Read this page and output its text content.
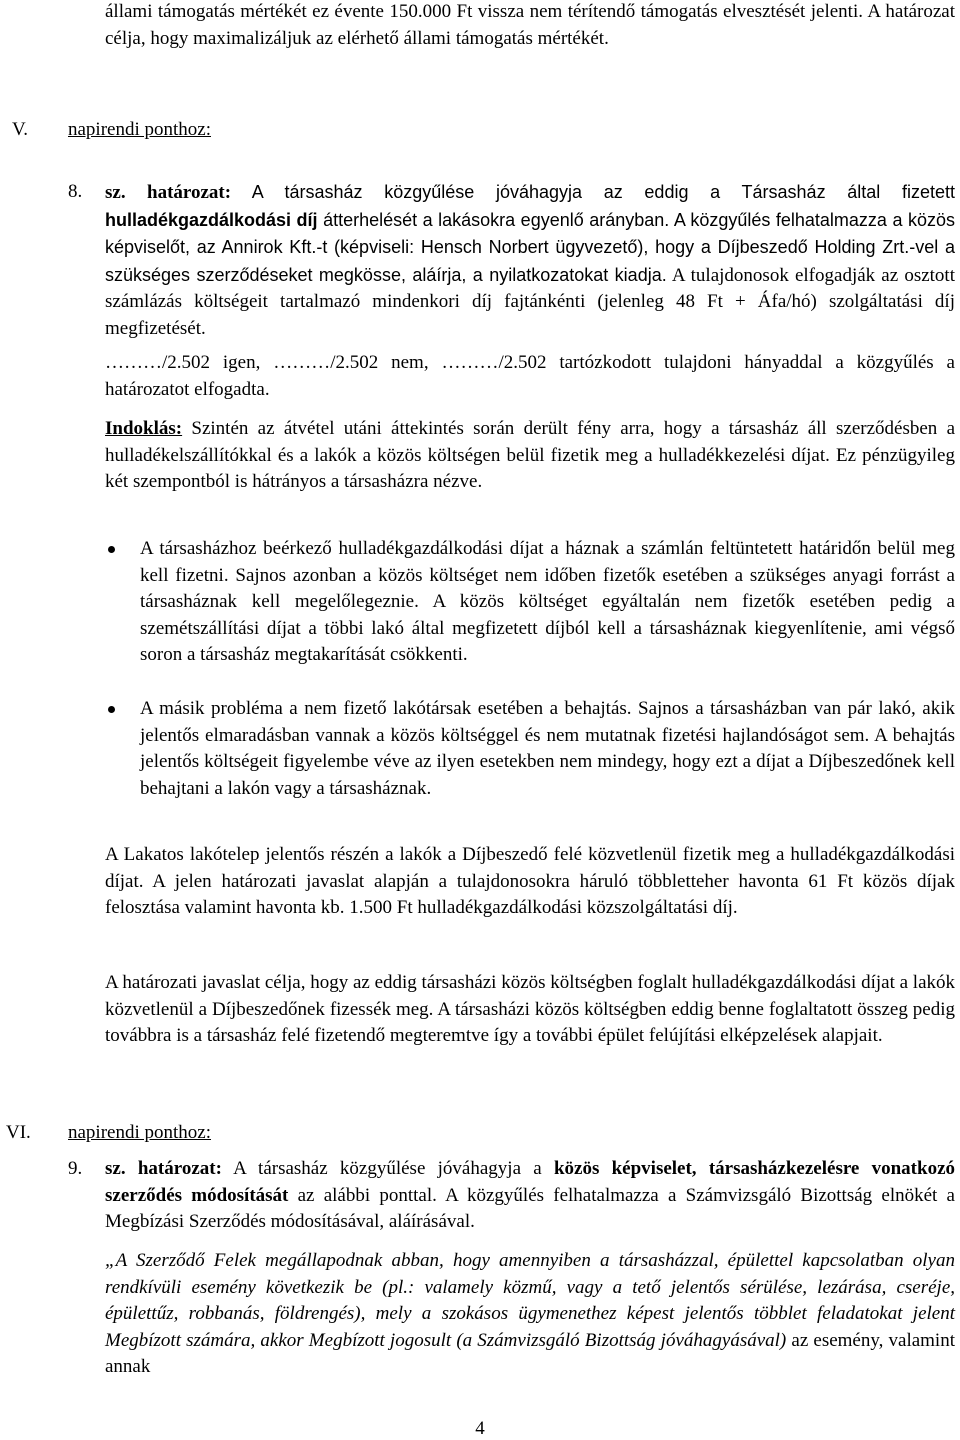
állami támogatás mértékét ez évente 150.000 Ft vissza nem térítendő támogatás elvesztését jelenti. A határozat célja, hogy maximalizáljuk az elérhető állami támogatás mértékét.
V. napirendi ponthoz:
8. sz. határozat: A társasház közgyűlése jóváhagyja az eddig a Társasház által fizetett hulladékgazdálkodási díj átterhelését a lakásokra egyenlő arányban. A közgyűlés felhatalmazza a közös képviselőt, az Annirok Kft.-t (képviseli: Hensch Norbert ügyvezető), hogy a Díjbeszedő Holding Zrt.-vel a szükséges szerződéseket megkösse, aláírja, a nyilatkozatokat kiadja. A tulajdonosok elfogadják az osztott számlázás költségeit tartalmazó mindenkori díj fajtánkénti (jelenleg 48 Ft + Áfa/hó) szolgáltatási díj megfizetését.

………/2.502 igen, ………/2.502 nem, ………/2.502 tartózkodott tulajdoni hányaddal a közgyűlés a határozatot elfogadta.

Indoklás: Szintén az átvétel utáni áttekintés során derült fény arra, hogy a társasház áll szerződésben a hulladékelszállítókkal és a lakók a közös költségen belül fizetik meg a hulladékkezelési díjat. Ez pénzügyileg két szempontból is hátrányos a társasházra nézve.

A társasházhoz beérkező hulladékgazdálkodási díjat a háznak a számlán feltüntetett határidőn belül meg kell fizetni. Sajnos azonban a közös költséget nem időben fizetők esetében a szükséges anyagi forrást a társasháznak kell megelőlegeznie. A közös költséget egyáltalán nem fizetők esetében pedig a szemétszállítási díjat a többi lakó által megfizetett díjból kell a társasháznak kiegyenlítenie, ami végső soron a társasház megtakarítását csökkenti.

A másik probléma a nem fizető lakótársak esetében a behajtás. Sajnos a társasházban van pár lakó, akik jelentős elmaradásban vannak a közös költséggel és nem mutatnak fizetési hajlandóságot sem. A behajtás jelentős költségeit figyelembe véve az ilyen esetekben nem mindegy, hogy ezt a díjat a Díjbeszedőnek kell behajtani a lakón vagy a társasháznak.

A Lakatos lakótelep jelentős részén a lakók a Díjbeszedő felé közvetlenül fizetik meg a hulladékgazdálkodási díjat. A jelen határozati javaslat alapján a tulajdonosokra háruló többletteher havonta 61 Ft közös díjak felosztása valamint havonta kb. 1.500 Ft hulladékgazdálkodási közszolgáltatási díj.

A határozati javaslat célja, hogy az eddig társasházi közös költségben foglalt hulladékgazdálkodási díjat a lakók közvetlenül a Díjbeszedőnek fizessék meg. A társasházi közös költségben eddig benne foglaltatott összeg pedig továbbra is a társasház felé fizetendő megteremtve így a további épület felújítási elképzelések alapjait.

VI. napirendi ponthoz:
9. sz. határozat: A társasház közgyűlése jóváhagyja a közös képviselet, társasházkezelésre vonatkozó szerződés módosítását az alábbi ponttal. A közgyűlés felhatalmazza a Számvizsgáló Bizottság elnökét a Megbízási Szerződés módosításával, aláírásával.

„A Szerződő Felek megállapodnak abban, hogy amennyiben a társasházzal, épülettel kapcsolatban olyan rendkívüli esemény következik be (pl.: valamely közmű, vagy a tető jelentős sérülése, lezárása, cseréje, épülettűz, robbanás, földrengés), mely a szokásos ügymenethez képest jelentős többlet feladatokat jelent Megbízott számára, akkor Megbízott jogosult (a Számvizsgáló Bizottság jóváhagyásával) az esemény, valamint annak

4
